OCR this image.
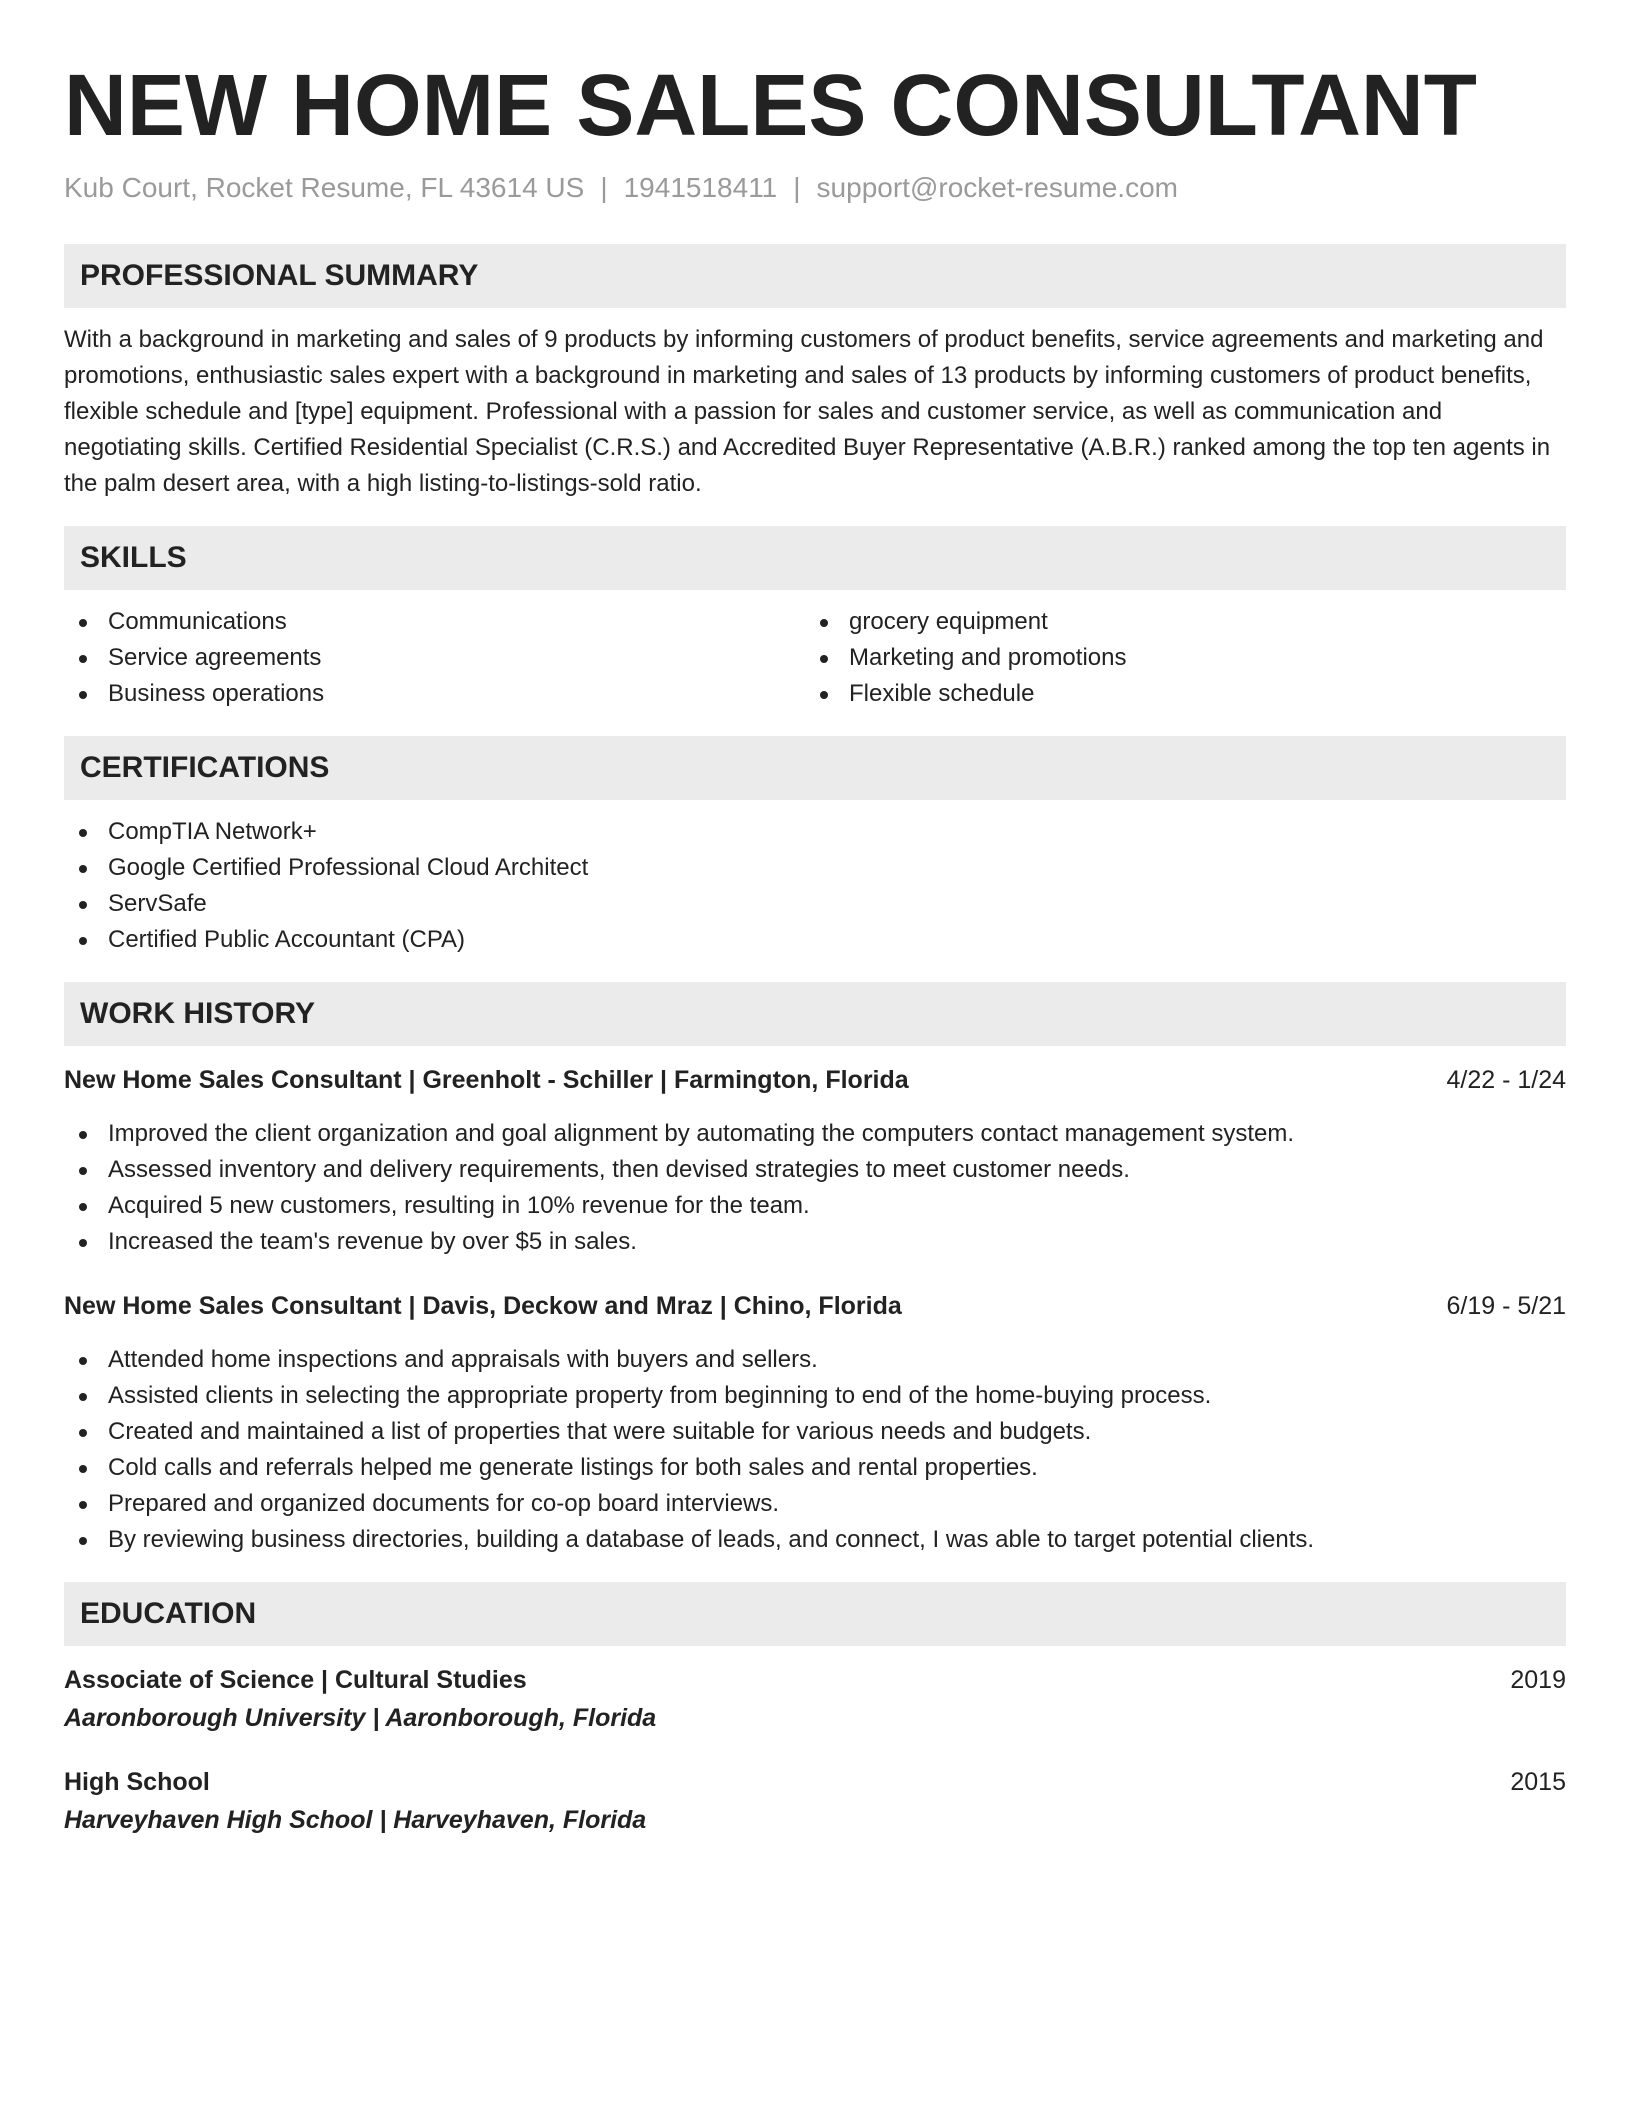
NEW HOME SALES CONSULTANT
Kub Court, Rocket Resume, FL 43614 US | 1941518411 | support@rocket-resume.com
PROFESSIONAL SUMMARY
With a background in marketing and sales of 9 products by informing customers of product benefits, service agreements and marketing and promotions, enthusiastic sales expert with a background in marketing and sales of 13 products by informing customers of product benefits, flexible schedule and [type] equipment. Professional with a passion for sales and customer service, as well as communication and negotiating skills. Certified Residential Specialist (C.R.S.) and Accredited Buyer Representative (A.B.R.) ranked among the top ten agents in the palm desert area, with a high listing-to-listings-sold ratio.
SKILLS
Communications
Service agreements
Business operations
grocery equipment
Marketing and promotions
Flexible schedule
CERTIFICATIONS
CompTIA Network+
Google Certified Professional Cloud Architect
ServSafe
Certified Public Accountant (CPA)
WORK HISTORY
New Home Sales Consultant | Greenholt - Schiller | Farmington, Florida	4/22 - 1/24
Improved the client organization and goal alignment by automating the computers contact management system.
Assessed inventory and delivery requirements, then devised strategies to meet customer needs.
Acquired 5 new customers, resulting in 10% revenue for the team.
Increased the team's revenue by over $5 in sales.
New Home Sales Consultant | Davis, Deckow and Mraz | Chino, Florida	6/19 - 5/21
Attended home inspections and appraisals with buyers and sellers.
Assisted clients in selecting the appropriate property from beginning to end of the home-buying process.
Created and maintained a list of properties that were suitable for various needs and budgets.
Cold calls and referrals helped me generate listings for both sales and rental properties.
Prepared and organized documents for co-op board interviews.
By reviewing business directories, building a database of leads, and connect, I was able to target potential clients.
EDUCATION
Associate of Science | Cultural Studies	2019
Aaronborough University | Aaronborough, Florida
High School	2015
Harveyhaven High School | Harveyhaven, Florida
